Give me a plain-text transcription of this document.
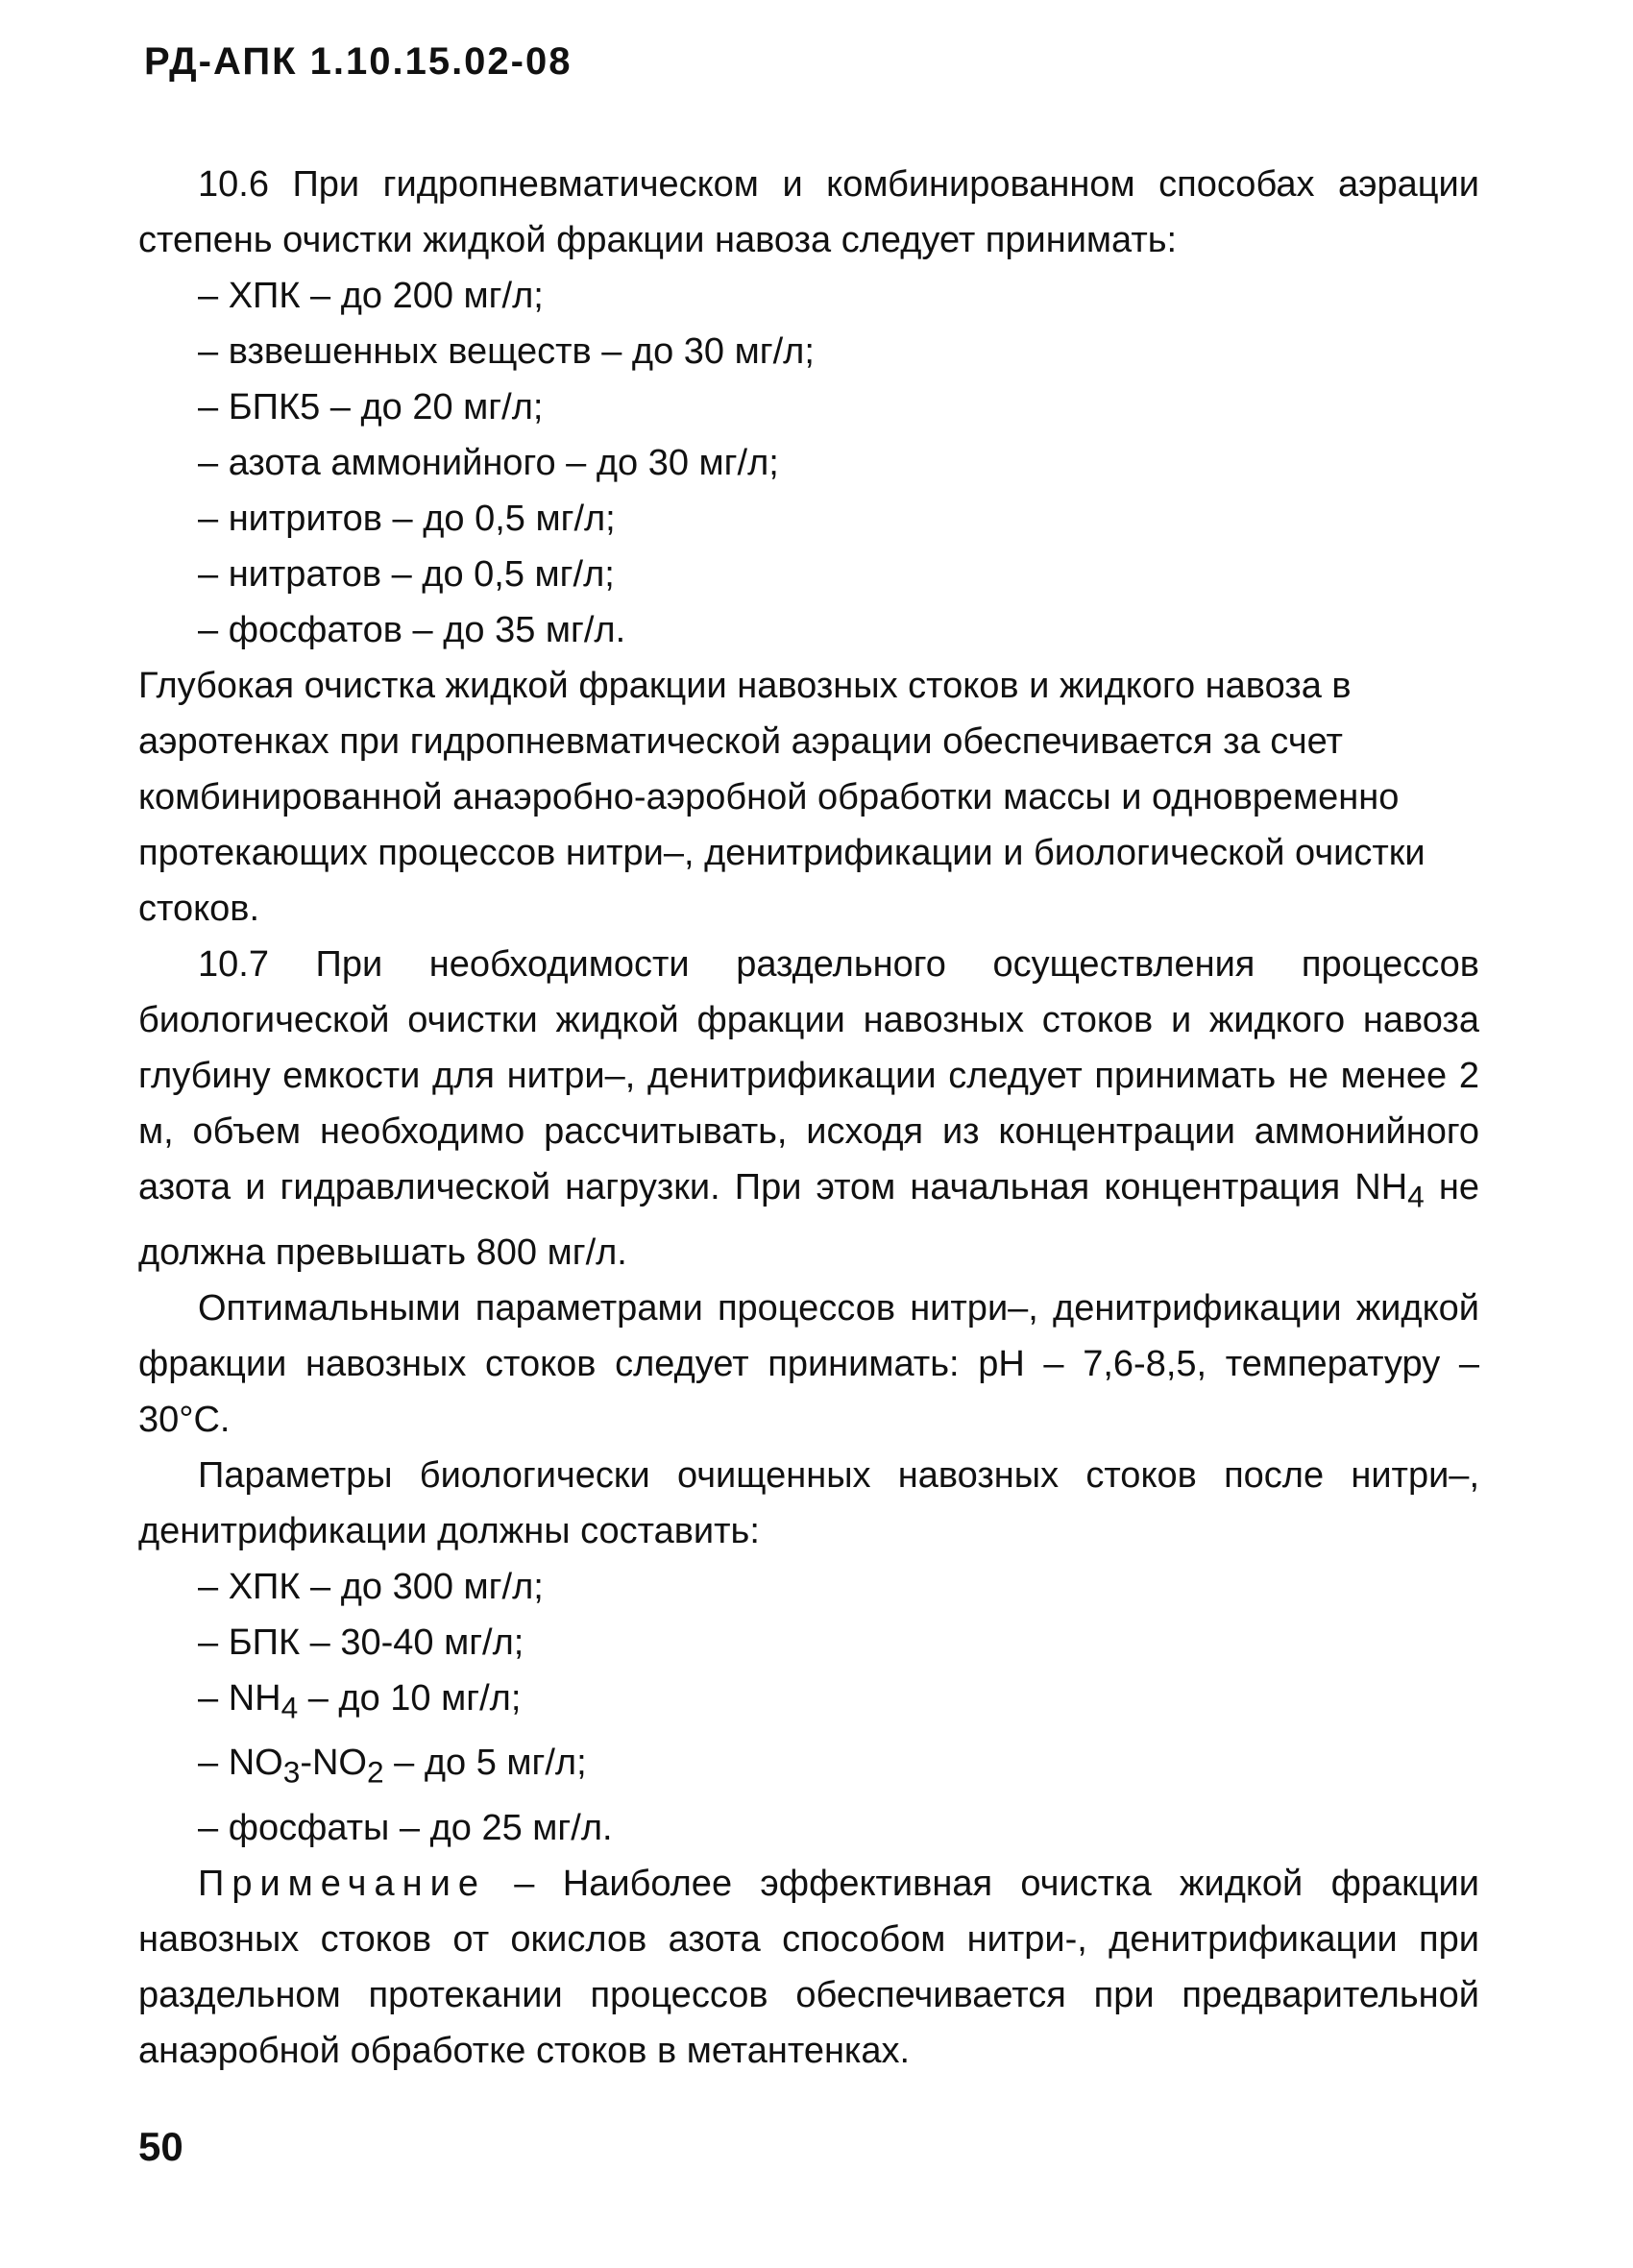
РД-АПК 1.10.15.02-08

10.6 При гидропневматическом и комбинированном способах аэрации степень очистки жидкой фракции навоза следует принимать:

– ХПК – до 200 мг/л;
– взвешенных веществ – до 30 мг/л;
– БПК5 – до 20 мг/л;
– азота аммонийного – до 30 мг/л;
– нитритов – до 0,5 мг/л;
– нитратов – до 0,5 мг/л;
– фосфатов – до 35 мг/л.

Глубокая очистка жидкой фракции навозных стоков и жидкого навоза в аэротенках при гидропневматической аэрации обеспечивается за счет комбинированной анаэробно-аэробной обработки массы и одновременно протекающих процессов нитри–, денитрификации и биологической очистки стоков.

10.7 При необходимости раздельного осуществления процессов биологической очистки жидкой фракции навозных стоков и жидкого навоза глубину емкости для нитри–, денитрификации следует принимать не менее 2 м, объем необходимо рассчитывать, исходя из концентрации аммонийного азота и гидравлической нагрузки. При этом начальная концентрация $NH_4$ не должна превышать 800 мг/л.

Оптимальными параметрами процессов нитри–, денитрификации жидкой фракции навозных стоков следует принимать: pH – 7,6-8,5, температуру – 30°C.

Параметры биологически очищенных навозных стоков после нитри–, денитрификации должны составить:

– ХПК – до 300 мг/л;
– БПК – 30-40 мг/л;
– $NH_4$ – до 10 мг/л;
– $NO_3-NO_2$ – до 5 мг/л;
– фосфаты – до 25 мг/л.

Примечание – Наиболее эффективная очистка жидкой фракции навозных стоков от окислов азота способом нитри-, денитрификации при раздельном протекании процессов обеспечивается при предварительной анаэробной обработке стоков в метантенках.

50
